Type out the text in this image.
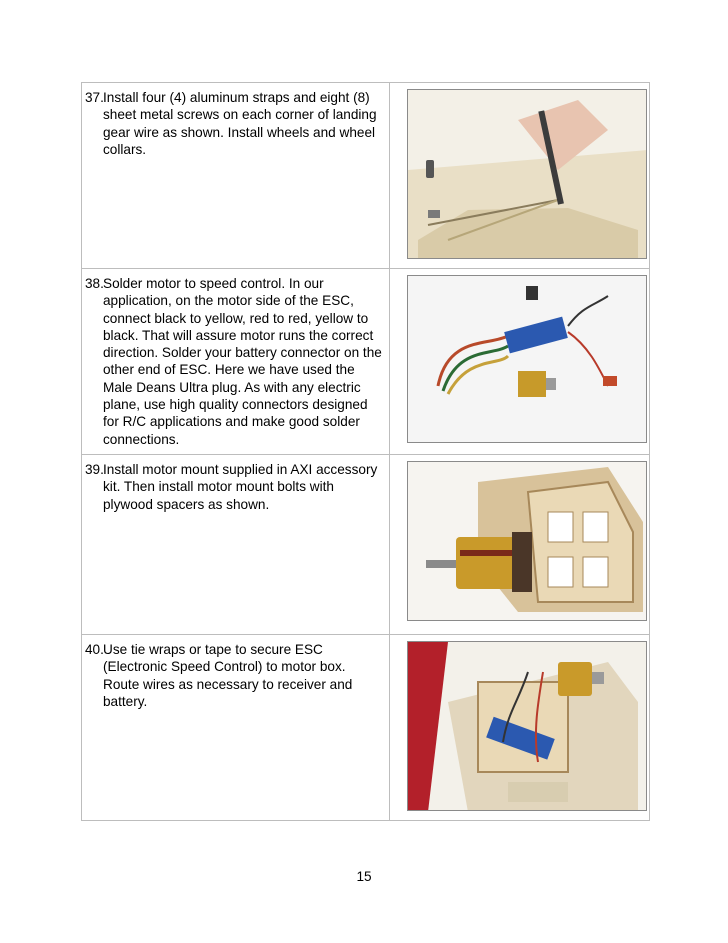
37. Install four (4) aluminum straps and eight (8) sheet metal screws on each corner of landing gear wire as shown. Install wheels and wheel collars.

38. Solder motor to speed control. In our application, on the motor side of the ESC, connect black to yellow, red to red, yellow to black. That will assure motor runs the correct direction. Solder your battery connector on the other end of ESC. Here we have used the Male Deans Ultra plug. As with any electric plane, use high quality connectors designed for R/C applications and make good solder connections.

39. Install motor mount supplied in AXI accessory kit. Then install motor mount bolts with plywood spacers as shown.

40. Use tie wraps or tape to secure ESC (Electronic Speed Control) to motor box. Route wires as necessary to receiver and battery.

15
